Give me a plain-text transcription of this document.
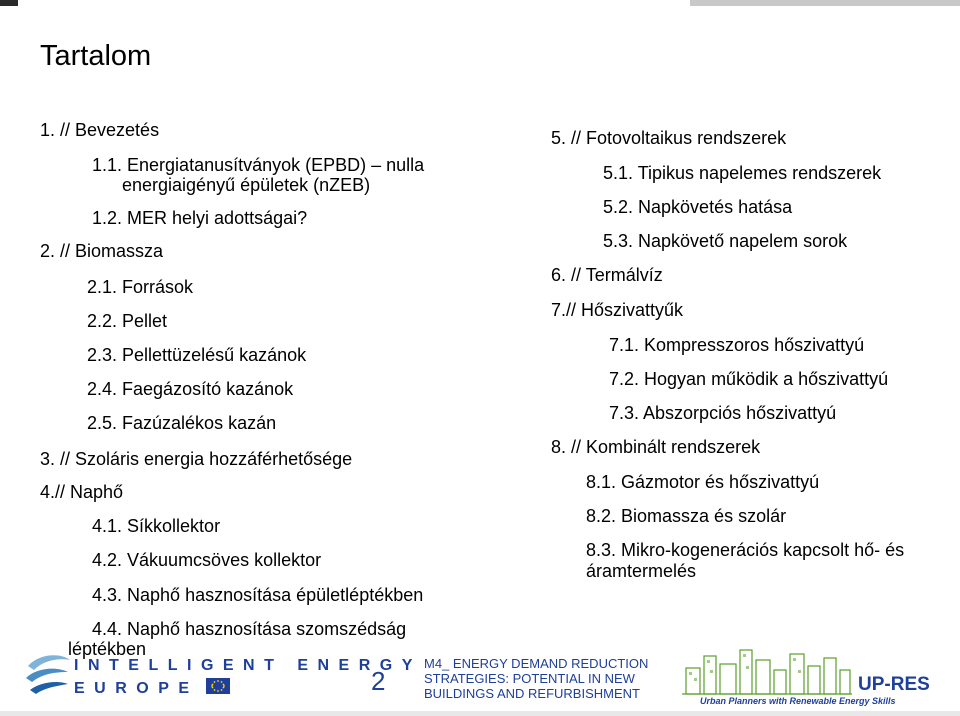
Tartalom

1. // Bevezetés

1.1. Energiatanusítványok (EPBD) – nulla

energiaigényű épületek (nZEB)

1.2. MER helyi adottságai?

2. // Biomassza

2.1. Források

2.2. Pellet

2.3. Pellettüzelésű kazánok

2.4. Faegázosító kazánok

2.5. Fazúzalékos kazán

3. // Szoláris energia hozzáférhetősége

4.// Naphő

4.1. Síkkollektor

4.2. Vákuumcsöves kollektor

4.3. Naphő hasznosítása épületléptékben

4.4. Naphő hasznosítása szomszédság

léptékben

5. // Fotovoltaikus rendszerek

5.1. Tipikus napelemes rendszerek

5.2. Napkövetés hatása

5.3. Napkövető napelem sorok

6. // Termálvíz

7.// Hőszivattyűk

7.1. Kompresszoros hőszivattyú

7.2. Hogyan működik a hőszivattyú

7.3. Abszorpciós hőszivattyú

8. // Kombinált rendszerek

8.1. Gázmotor és hőszivattyú

8.2. Biomassza és szolár

8.3. Mikro-kogenerációs kapcsolt hő- és

áramtermelés

INTELLIGENT ENERGY
EUROPE	2
M4_ ENERGY DEMAND REDUCTION
STRATEGIES: POTENTIAL IN NEW
BUILDINGS AND REFURBISHMENT	UP-RES
Urban Planners with Renewable Energy Skills
